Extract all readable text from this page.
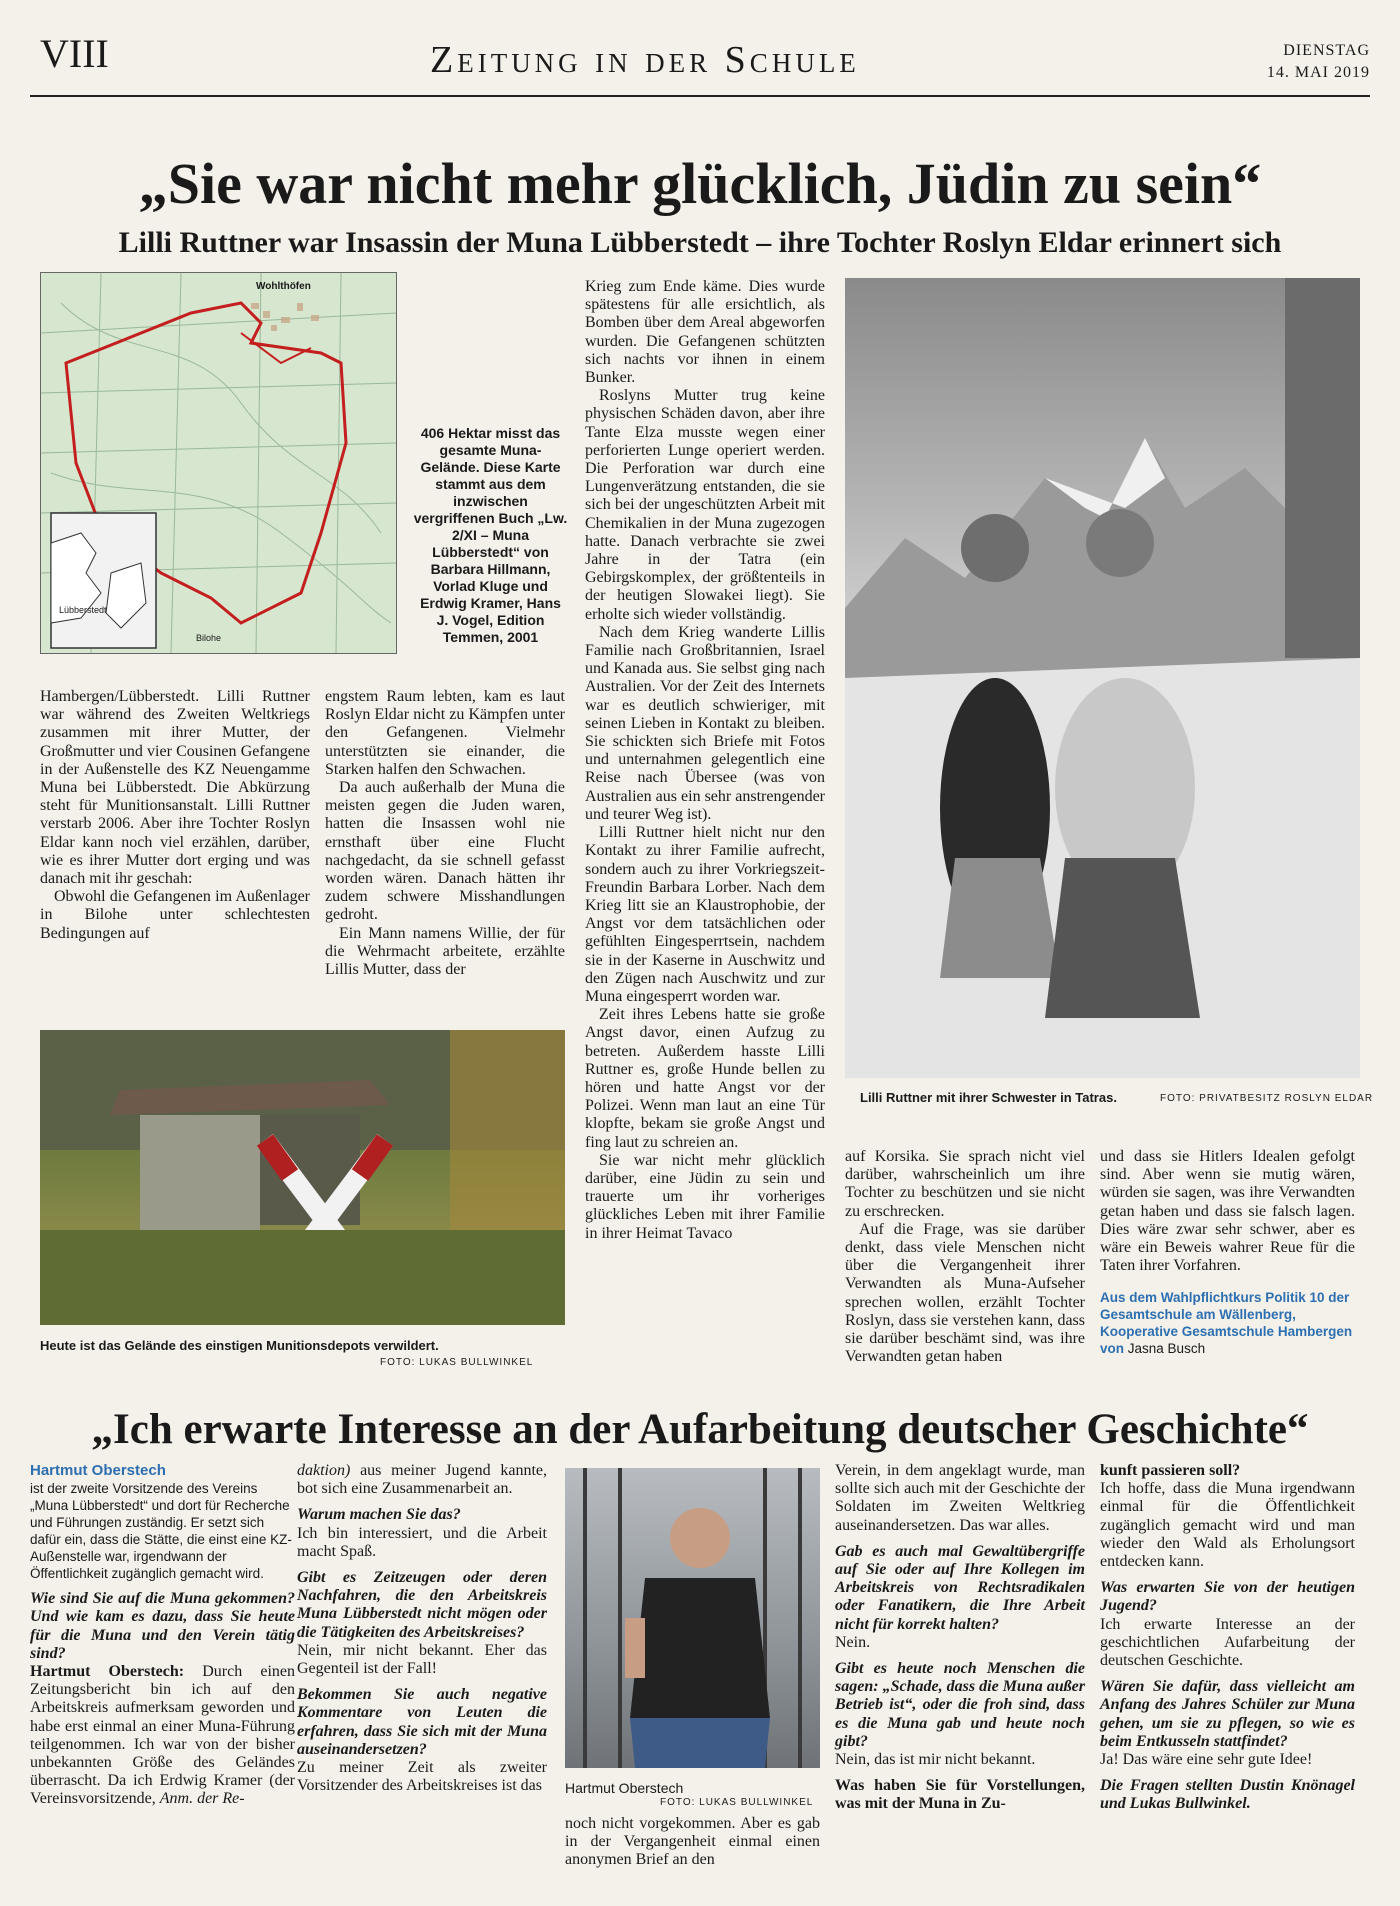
VIII	Zeitung in der Schule	DIENSTAG
14. MAI 2019
„Sie war nicht mehr glücklich, Jüdin zu sein“
Lilli Ruttner war Insassin der Muna Lübberstedt – ihre Tochter Roslyn Eldar erinnert sich
Wohlthöfen
Lübberstedt
Bilohe
406 Hektar misst das gesamte Muna-Gelände. Diese Karte stammt aus dem inzwischen vergriffenen Buch „Lw. 2/XI – Muna Lübberstedt“ von Barbara Hillmann, Vorlad Kluge und Erdwig Kramer, Hans J. Vogel, Edition Temmen, 2001

Hambergen/Lübberstedt. Lilli Ruttner war während des Zweiten Weltkriegs zusammen mit ihrer Mutter, der Großmutter und vier Cousinen Gefangene in der Außenstelle des KZ Neuengamme Muna bei Lübberstedt. Die Abkürzung steht für Munitionsanstalt. Lilli Ruttner verstarb 2006. Aber ihre Tochter Roslyn Eldar kann noch viel erzählen, darüber, wie es ihrer Mutter dort erging und was danach mit ihr geschah:

Obwohl die Gefangenen im Außenlager in Bilohe unter schlechtesten Bedingungen auf

engstem Raum lebten, kam es laut Roslyn Eldar nicht zu Kämpfen unter den Gefangenen. Vielmehr unterstützten sie einander, die Starken halfen den Schwachen.

Da auch außerhalb der Muna die meisten gegen die Juden waren, hatten die Insassen wohl nie ernsthaft über eine Flucht nachgedacht, da sie schnell gefasst worden wären. Danach hätten ihr zudem schwere Misshandlungen gedroht.

Ein Mann namens Willie, der für die Wehrmacht arbeitete, erzählte Lillis Mutter, dass der

Krieg zum Ende käme. Dies wurde spätestens für alle ersichtlich, als Bomben über dem Areal abgeworfen wurden. Die Gefangenen schützten sich nachts vor ihnen in einem Bunker.

Roslyns Mutter trug keine physischen Schäden davon, aber ihre Tante Elza musste wegen einer perforierten Lunge operiert werden. Die Perforation war durch eine Lungenverätzung entstanden, die sie sich bei der ungeschützten Arbeit mit Chemikalien in der Muna zugezogen hatte. Danach verbrachte sie zwei Jahre in der Tatra (ein Gebirgskomplex, der größtenteils in der heutigen Slowakei liegt). Sie erholte sich wieder vollständig.

Nach dem Krieg wanderte Lillis Familie nach Großbritannien, Israel und Kanada aus. Sie selbst ging nach Australien. Vor der Zeit des Internets war es deutlich schwieriger, mit seinen Lieben in Kontakt zu bleiben. Sie schickten sich Briefe mit Fotos und unternahmen gelegentlich eine Reise nach Übersee (was von Australien aus ein sehr anstrengender und teurer Weg ist).

Lilli Ruttner hielt nicht nur den Kontakt zu ihrer Familie aufrecht, sondern auch zu ihrer Vorkriegszeit-Freundin Barbara Lorber. Nach dem Krieg litt sie an Klaustrophobie, der Angst vor dem tatsächlichen oder gefühlten Eingesperrtsein, nachdem sie in der Kaserne in Auschwitz und den Zügen nach Auschwitz und zur Muna eingesperrt worden war.

Zeit ihres Lebens hatte sie große Angst davor, einen Aufzug zu betreten. Außerdem hasste Lilli Ruttner es, große Hunde bellen zu hören und hatte Angst vor der Polizei. Wenn man laut an eine Tür klopfte, bekam sie große Angst und fing laut zu schreien an.

Sie war nicht mehr glücklich darüber, eine Jüdin zu sein und trauerte um ihr vorheriges glückliches Leben mit ihrer Familie in ihrer Heimat Tavaco

Lilli Ruttner mit ihrer Schwester in Tatras.	FOTO: PRIVATBESITZ ROSLYN ELDAR
Heute ist das Gelände des einstigen Munitionsdepots verwildert.
FOTO: LUKAS BULLWINKEL

auf Korsika. Sie sprach nicht viel darüber, wahrscheinlich um ihre Tochter zu beschützen und sie nicht zu erschrecken.

Auf die Frage, was sie darüber denkt, dass viele Menschen nicht über die Vergangenheit ihrer Verwandten als Muna-Aufseher sprechen wollen, erzählt Tochter Roslyn, dass sie verstehen kann, dass sie darüber beschämt sind, was ihre Verwandten getan haben

und dass sie Hitlers Idealen gefolgt sind. Aber wenn sie mutig wären, würden sie sagen, was ihre Verwandten getan haben und dass sie falsch lagen. Dies wäre zwar sehr schwer, aber es wäre ein Beweis wahrer Reue für die Taten ihrer Vorfahren.

Aus dem Wahlpflichtkurs Politik 10 der Gesamtschule am Wällenberg, Kooperative Gesamtschule Hambergen von Jasna Busch

„Ich erwarte Interesse an der Aufarbeitung deutscher Geschichte“
Hartmut Oberstech
ist der zweite Vorsitzende des Vereins „Muna Lübberstedt“ und dort für Recherche und Führungen zuständig. Er setzt sich dafür ein, dass die Stätte, die einst eine KZ-Außenstelle war, irgendwann der Öffentlichkeit zugänglich gemacht wird.

Wie sind Sie auf die Muna gekommen? Und wie kam es dazu, dass Sie heute für die Muna und den Verein tätig sind?

Hartmut Oberstech: Durch einen Zeitungsbericht bin ich auf den Arbeitskreis aufmerksam geworden und habe erst einmal an einer Muna-Führung teilgenommen. Ich war von der bisher unbekannten Größe des Geländes überrascht. Da ich Erdwig Kramer (der Vereinsvorsitzende, Anm. der Re-

daktion) aus meiner Jugend kannte, bot sich eine Zusammenarbeit an.

Warum machen Sie das?

Ich bin interessiert, und die Arbeit macht Spaß.

Gibt es Zeitzeugen oder deren Nachfahren, die den Arbeitskreis Muna Lübberstedt nicht mögen oder die Tätigkeiten des Arbeitskreises?

Nein, mir nicht bekannt. Eher das Gegenteil ist der Fall!

Bekommen Sie auch negative Kommentare von Leuten die erfahren, dass Sie sich mit der Muna auseinandersetzen?

Zu meiner Zeit als zweiter Vorsitzender des Arbeitskreises ist das	Hartmut Oberstech
FOTO: LUKAS BULLWINKEL

noch nicht vorgekommen. Aber es gab in der Vergangenheit einmal einen anonymen Brief an den

Verein, in dem angeklagt wurde, man sollte sich auch mit der Geschichte der Soldaten im Zweiten Weltkrieg auseinandersetzen. Das war alles.

Gab es auch mal Gewaltübergriffe auf Sie oder auf Ihre Kollegen im Arbeitskreis von Rechtsradikalen oder Fanatikern, die Ihre Arbeit nicht für korrekt halten?

Nein.

Gibt es heute noch Menschen die sagen: „Schade, dass die Muna außer Betrieb ist“, oder die froh sind, dass es die Muna gab und heute noch gibt?

Nein, das ist mir nicht bekannt.

Was haben Sie für Vorstellungen, was mit der Muna in Zu-

kunft passieren soll?

Ich hoffe, dass die Muna irgendwann einmal für die Öffentlichkeit zugänglich gemacht wird und man wieder den Wald als Erholungsort entdecken kann.

Was erwarten Sie von der heutigen Jugend?

Ich erwarte Interesse an der geschichtlichen Aufarbeitung der deutschen Geschichte.

Wären Sie dafür, dass vielleicht am Anfang des Jahres Schüler zur Muna gehen, um sie zu pflegen, so wie es beim Entkusseln stattfindet?

Ja! Das wäre eine sehr gute Idee!

Die Fragen stellten Dustin Knönagel und Lukas Bullwinkel.
